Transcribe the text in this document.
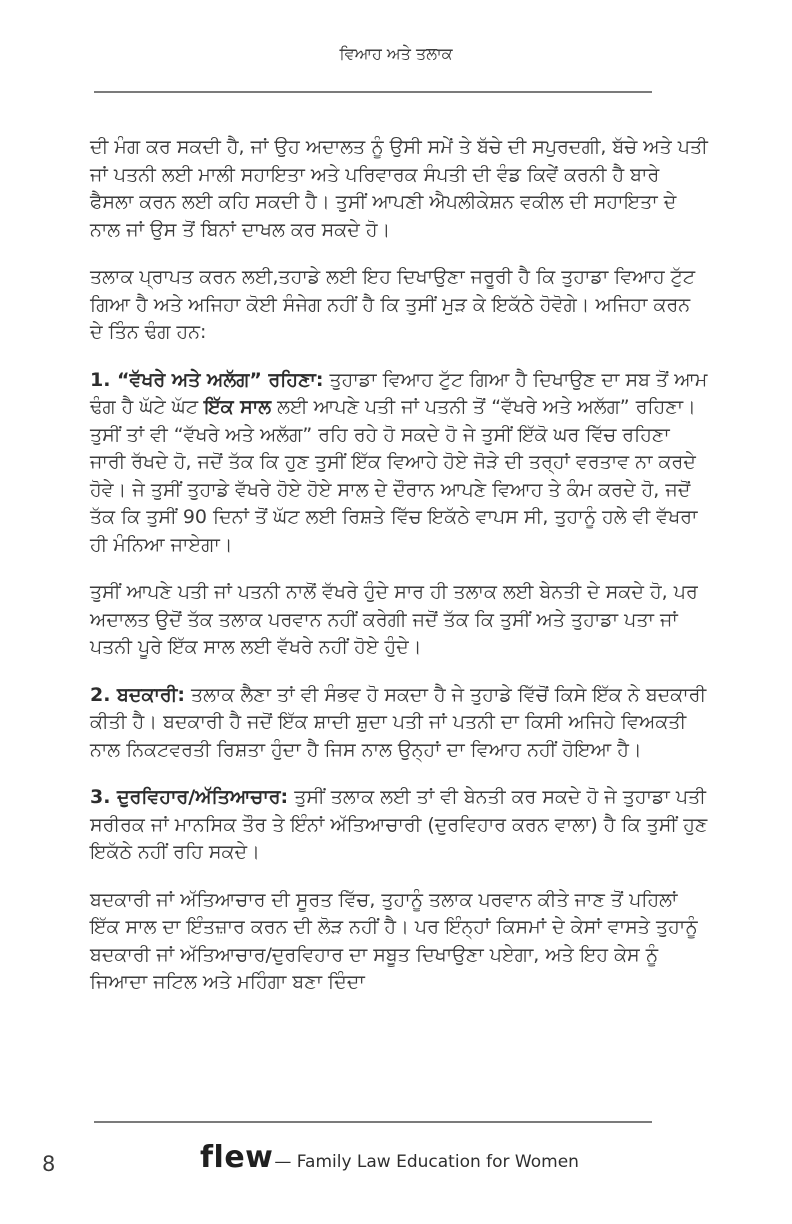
ਵਿਆਹ ਅਤੇ ਤਲਾਕ

ਦੀ ਮੰਗ ਕਰ ਸਕਦੀ ਹੈ, ਜਾਂ ਉਹ ਅਦਾਲਤ ਨੂੰ ਉਸੀ ਸਮੇਂ ਤੇ ਬੱਚੇ ਦੀ ਸਪੁਰਦਗੀ, ਬੱਚੇ ਅਤੇ ਪਤੀ ਜਾਂ ਪਤਨੀ ਲਈ ਮਾਲੀ ਸਹਾਇਤਾ ਅਤੇ ਪਰਿਵਾਰਕ ਸੰਪਤੀ ਦੀ ਵੰਡ ਕਿਵੇਂ ਕਰਨੀ ਹੈ ਬਾਰੇ ਫੈਸਲਾ ਕਰਨ ਲਈ ਕਹਿ ਸਕਦੀ ਹੈ। ਤੁਸੀਂ ਆਪਣੀ ਐਪਲੀਕੇਸ਼ਨ ਵਕੀਲ ਦੀ ਸਹਾਇਤਾ ਦੇ ਨਾਲ ਜਾਂ ਉਸ ਤੋਂ ਬਿਨਾਂ ਦਾਖਲ ਕਰ ਸਕਦੇ ਹੋ।

ਤਲਾਕ ਪ੍ਰਾਪਤ ਕਰਨ ਲਈ,ਤਹਾਡੇ ਲਈ ਇਹ ਦਿਖਾਉਣਾ ਜਰੂਰੀ ਹੈ ਕਿ ਤੁਹਾਡਾ ਵਿਆਹ ਟੁੱਟ ਗਿਆ ਹੈ ਅਤੇ ਅਜਿਹਾ ਕੋਈ ਸੰਜੇਗ ਨਹੀਂ ਹੈ ਕਿ ਤੁਸੀਂ ਮੁੜ ਕੇ ਇਕੱਠੇ ਹੋਵੋਗੇ। ਅਜਿਹਾ ਕਰਨ ਦੇ ਤਿੰਨ ਢੰਗ ਹਨ:

1. “ਵੱਖਰੇ ਅਤੇ ਅਲੱਗ” ਰਹਿਣਾ: ਤੁਹਾਡਾ ਵਿਆਹ ਟੁੱਟ ਗਿਆ ਹੈ ਦਿਖਾਉਣ ਦਾ ਸਬ ਤੋਂ ਆਮ ਢੰਗ ਹੈ ਘੱਟੇ ਘੱਟ ਇੱਕ ਸਾਲ ਲਈ ਆਪਣੇ ਪਤੀ ਜਾਂ ਪਤਨੀ ਤੋਂ “ਵੱਖਰੇ ਅਤੇ ਅਲੱਗ” ਰਹਿਣਾ। ਤੁਸੀਂ ਤਾਂ ਵੀ “ਵੱਖਰੇ ਅਤੇ ਅਲੱਗ” ਰਹਿ ਰਹੇ ਹੋ ਸਕਦੇ ਹੋ ਜੇ ਤੁਸੀਂ ਇੱਕੋ ਘਰ ਵਿੱਚ ਰਹਿਣਾ ਜਾਰੀ ਰੱਖਦੇ ਹੋ, ਜਦੋਂ ਤੱਕ ਕਿ ਹੁਣ ਤੁਸੀਂ ਇੱਕ ਵਿਆਹੇ ਹੋਏ ਜੋੜੇ ਦੀ ਤਰ੍ਹਾਂ ਵਰਤਾਵ ਨਾ ਕਰਦੇ ਹੋਵੇ। ਜੇ ਤੁਸੀਂ ਤੁਹਾਡੇ ਵੱਖਰੇ ਹੋਏ ਹੋਏ ਸਾਲ ਦੇ ਦੌਰਾਨ ਆਪਣੇ ਵਿਆਹ ਤੇ ਕੰਮ ਕਰਦੇ ਹੋ, ਜਦੋਂ ਤੱਕ ਕਿ ਤੁਸੀਂ 90 ਦਿਨਾਂ ਤੋਂ ਘੱਟ ਲਈ ਰਿਸ਼ਤੇ ਵਿੱਚ ਇਕੱਠੇ ਵਾਪਸ ਸੀ, ਤੁਹਾਨੂੰ ਹਲੇ ਵੀ ਵੱਖਰਾ ਹੀ ਮੰਨਿਆ ਜਾਏਗਾ।

ਤੁਸੀਂ ਆਪਣੇ ਪਤੀ ਜਾਂ ਪਤਨੀ ਨਾਲੋਂ ਵੱਖਰੇ ਹੁੰਦੇ ਸਾਰ ਹੀ ਤਲਾਕ ਲਈ ਬੇਨਤੀ ਦੇ ਸਕਦੇ ਹੋ, ਪਰ ਅਦਾਲਤ ਉਦੋਂ ਤੱਕ ਤਲਾਕ ਪਰਵਾਨ ਨਹੀਂ ਕਰੇਗੀ ਜਦੋਂ ਤੱਕ ਕਿ ਤੁਸੀਂ ਅਤੇ ਤੁਹਾਡਾ ਪਤਾ ਜਾਂ ਪਤਨੀ ਪੂਰੇ ਇੱਕ ਸਾਲ ਲਈ ਵੱਖਰੇ ਨਹੀਂ ਹੋਏ ਹੁੰਦੇ।

2. ਬਦਕਾਰੀ: ਤਲਾਕ ਲੈਣਾ ਤਾਂ ਵੀ ਸੰਭਵ ਹੋ ਸਕਦਾ ਹੈ ਜੇ ਤੁਹਾਡੇ ਵਿੱਚੋਂ ਕਿਸੇ ਇੱਕ ਨੇ ਬਦਕਾਰੀ ਕੀਤੀ ਹੈ। ਬਦਕਾਰੀ ਹੈ ਜਦੋਂ ਇੱਕ ਸ਼ਾਦੀ ਸ਼ੁਦਾ ਪਤੀ ਜਾਂ ਪਤਨੀ ਦਾ ਕਿਸੀ ਅਜਿਹੇ ਵਿਅਕਤੀ ਨਾਲ ਨਿਕਟਵਰਤੀ ਰਿਸ਼ਤਾ ਹੁੰਦਾ ਹੈ ਜਿਸ ਨਾਲ ਉਨ੍ਹਾਂ ਦਾ ਵਿਆਹ ਨਹੀਂ ਹੋਇਆ ਹੈ।

3. ਦੁਰਵਿਹਾਰ/ਅੱਤਿਆਚਾਰ: ਤੁਸੀਂ ਤਲਾਕ ਲਈ ਤਾਂ ਵੀ ਬੇਨਤੀ ਕਰ ਸਕਦੇ ਹੋ ਜੇ ਤੁਹਾਡਾ ਪਤੀ ਸਰੀਰਕ ਜਾਂ ਮਾਨਸਿਕ ਤੌਰ ਤੇ ਇੰਨਾਂ ਅੱਤਿਆਚਾਰੀ (ਦੁਰਵਿਹਾਰ ਕਰਨ ਵਾਲਾ) ਹੈ ਕਿ ਤੁਸੀਂ ਹੁਣ ਇਕੱਠੇ ਨਹੀਂ ਰਹਿ ਸਕਦੇ।

ਬਦਕਾਰੀ ਜਾਂ ਅੱਤਿਆਚਾਰ ਦੀ ਸੂਰਤ ਵਿੱਚ, ਤੁਹਾਨੂੰ ਤਲਾਕ ਪਰਵਾਨ ਕੀਤੇ ਜਾਣ ਤੋਂ ਪਹਿਲਾਂ ਇੱਕ ਸਾਲ ਦਾ ਇੰਤਜ਼ਾਰ ਕਰਨ ਦੀ ਲੋੜ ਨਹੀਂ ਹੈ। ਪਰ ਇੰਨ੍ਹਾਂ ਕਿਸਮਾਂ ਦੇ ਕੇਸਾਂ ਵਾਸਤੇ ਤੁਹਾਨੂੰ ਬਦਕਾਰੀ ਜਾਂ ਅੱਤਿਆਚਾਰ/ਦੁਰਵਿਹਾਰ ਦਾ ਸਬੂਤ ਦਿਖਾਉਣਾ ਪਏਗਾ, ਅਤੇ ਇਹ ਕੇਸ ਨੂੰ ਜਿਆਦਾ ਜਟਿਲ ਅਤੇ ਮਹਿੰਗਾ ਬਣਾ ਦਿੰਦਾ

8	flew — Family Law Education for Women
